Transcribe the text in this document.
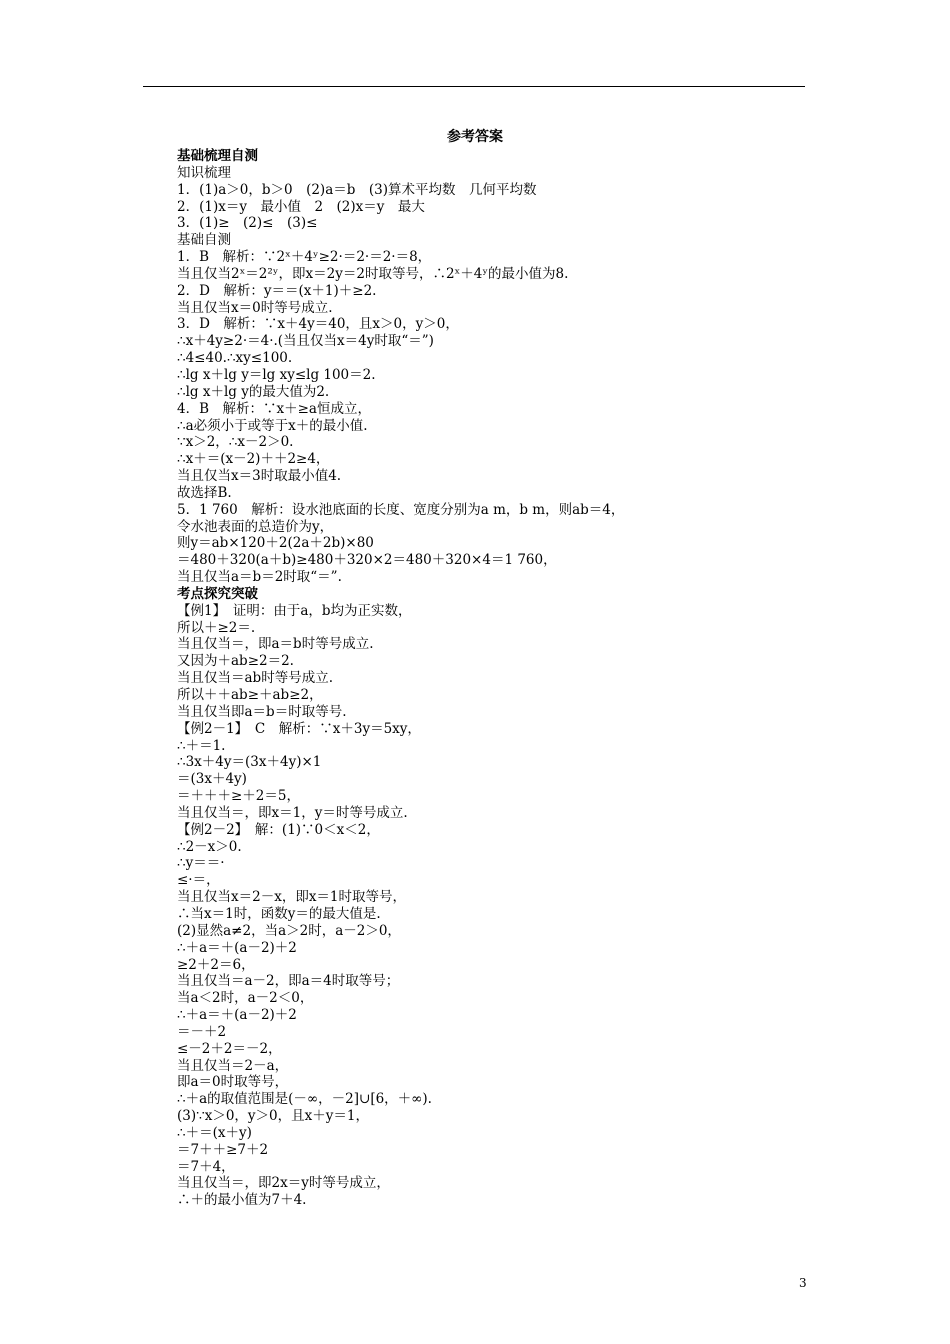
参考答案
基础梳理自测
知识梳理
1．(1)a＞0，b＞0　(2)a＝b　(3)算术平均数　几何平均数
2．(1)x＝y　最小值　2　(2)x＝y　最大
3．(1)≥　(2)≤　(3)≤
基础自测
1．B　解析：∵2ˣ＋4ʸ≥2·＝2·＝2·＝8，
当且仅当2ˣ＝2²ʸ，即x＝2y＝2时取等号，∴2ˣ＋4ʸ的最小值为8.
2．D　解析：y＝＝(x＋1)＋≥2.
当且仅当x＝0时等号成立.
3．D　解析：∵x＋4y＝40，且x＞0，y＞0，
∴x＋4y≥2·＝4·.(当且仅当x＝4y时取“＝”)
∴4≤40.∴xy≤100.
∴lg x＋lg y＝lg xy≤lg 100＝2.
∴lg x＋lg y的最大值为2.
4．B　解析：∵x＋≥a恒成立，
∴a必须小于或等于x＋的最小值.
∵x＞2，∴x－2＞0.
∴x＋＝(x－2)＋＋2≥4，
当且仅当x＝3时取最小值4.
故选择B.
5．1 760　解析：设水池底面的长度、宽度分别为a m，b m，则ab＝4，
令水池表面的总造价为y，
则y＝ab×120＋2(2a＋2b)×80
＝480＋320(a＋b)≥480＋320×2＝480＋320×4＝1 760，
当且仅当a＝b＝2时取“＝”.
考点探究突破
【例1】　证明：由于a，b均为正实数，
所以＋≥2＝.
当且仅当＝，即a＝b时等号成立.
又因为＋ab≥2＝2.
当且仅当＝ab时等号成立.
所以＋＋ab≥＋ab≥2，
当且仅当即a＝b＝时取等号.
【例2－1】　C　解析：∵x＋3y＝5xy，
∴＋＝1.
∴3x＋4y＝(3x＋4y)×1
＝(3x＋4y)
＝＋＋＋≥＋2＝5，
当且仅当＝，即x＝1，y＝时等号成立.
【例2－2】　解：(1)∵0＜x＜2，
∴2－x＞0.
∴y＝＝·
≤·＝，
当且仅当x＝2－x，即x＝1时取等号，
∴当x＝1时，函数y＝的最大值是.
(2)显然a≠2，当a＞2时，a－2＞0，
∴＋a＝＋(a－2)＋2
≥2＋2＝6，
当且仅当＝a－2，即a＝4时取等号；
当a＜2时，a－2＜0，
∴＋a＝＋(a－2)＋2
＝－＋2
≤－2＋2＝－2，
当且仅当＝2－a，
即a＝0时取等号，
∴＋a的取值范围是(－∞，－2]∪[6，＋∞).
(3)∵x＞0，y＞0，且x＋y＝1，
∴＋＝(x＋y)
＝7＋＋≥7＋2
＝7＋4，
当且仅当＝，即2x＝y时等号成立，
∴＋的最小值为7＋4.
3
